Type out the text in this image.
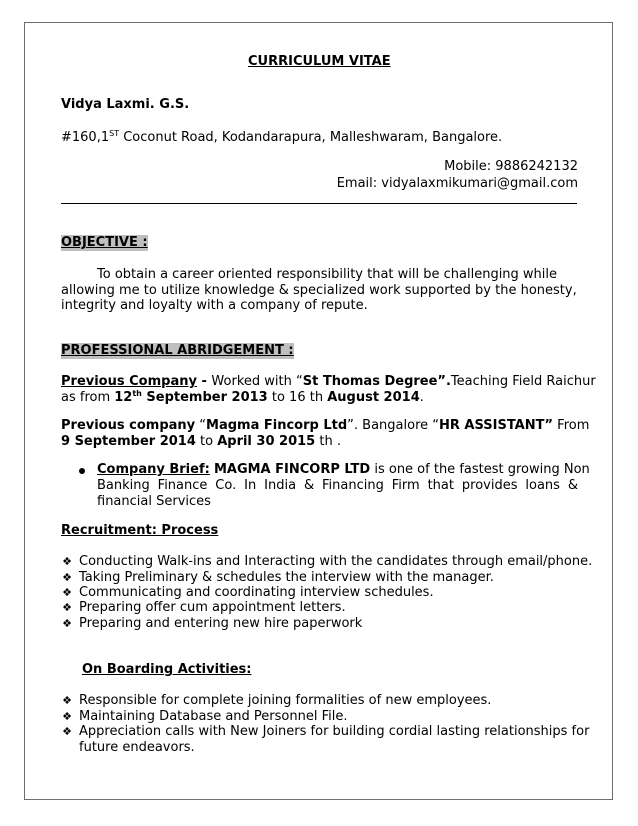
CURRICULUM VITAE
Vidya Laxmi. G.S.
#160,1ST Coconut Road, Kodandarapura, Malleshwaram, Bangalore.
Mobile: 9886242132
Email: vidyalaxmikumari@gmail.com
OBJECTIVE :
To obtain a career oriented responsibility that will be challenging while
allowing me to utilize knowledge & specialized work supported by the honesty,
integrity and loyalty with a company of repute.
PROFESSIONAL ABRIDGEMENT :
Previous Company - Worked with “St Thomas Degree”.Teaching Field Raichur
as from 12th September 2013 to 16 th August 2014.
Previous company “Magma Fincorp Ltd”. Bangalore “HR ASSISTANT” From
9 September 2014 to April 30 2015 th .
Company Brief: MAGMA FINCORP LTD is one of the fastest growing Non
Banking Finance Co. In India & Financing Firm that provides loans &
financial Services
Recruitment: Process
❖ Conducting Walk-ins and Interacting with the candidates through email/phone.
❖ Taking Preliminary & schedules the interview with the manager.
❖ Communicating and coordinating interview schedules.
❖ Preparing offer cum appointment letters.
❖ Preparing and entering new hire paperwork
On Boarding Activities:
❖ Responsible for complete joining formalities of new employees.
❖ Maintaining Database and Personnel File.
❖ Appreciation calls with New Joiners for building cordial lasting relationships for
future endeavors.
